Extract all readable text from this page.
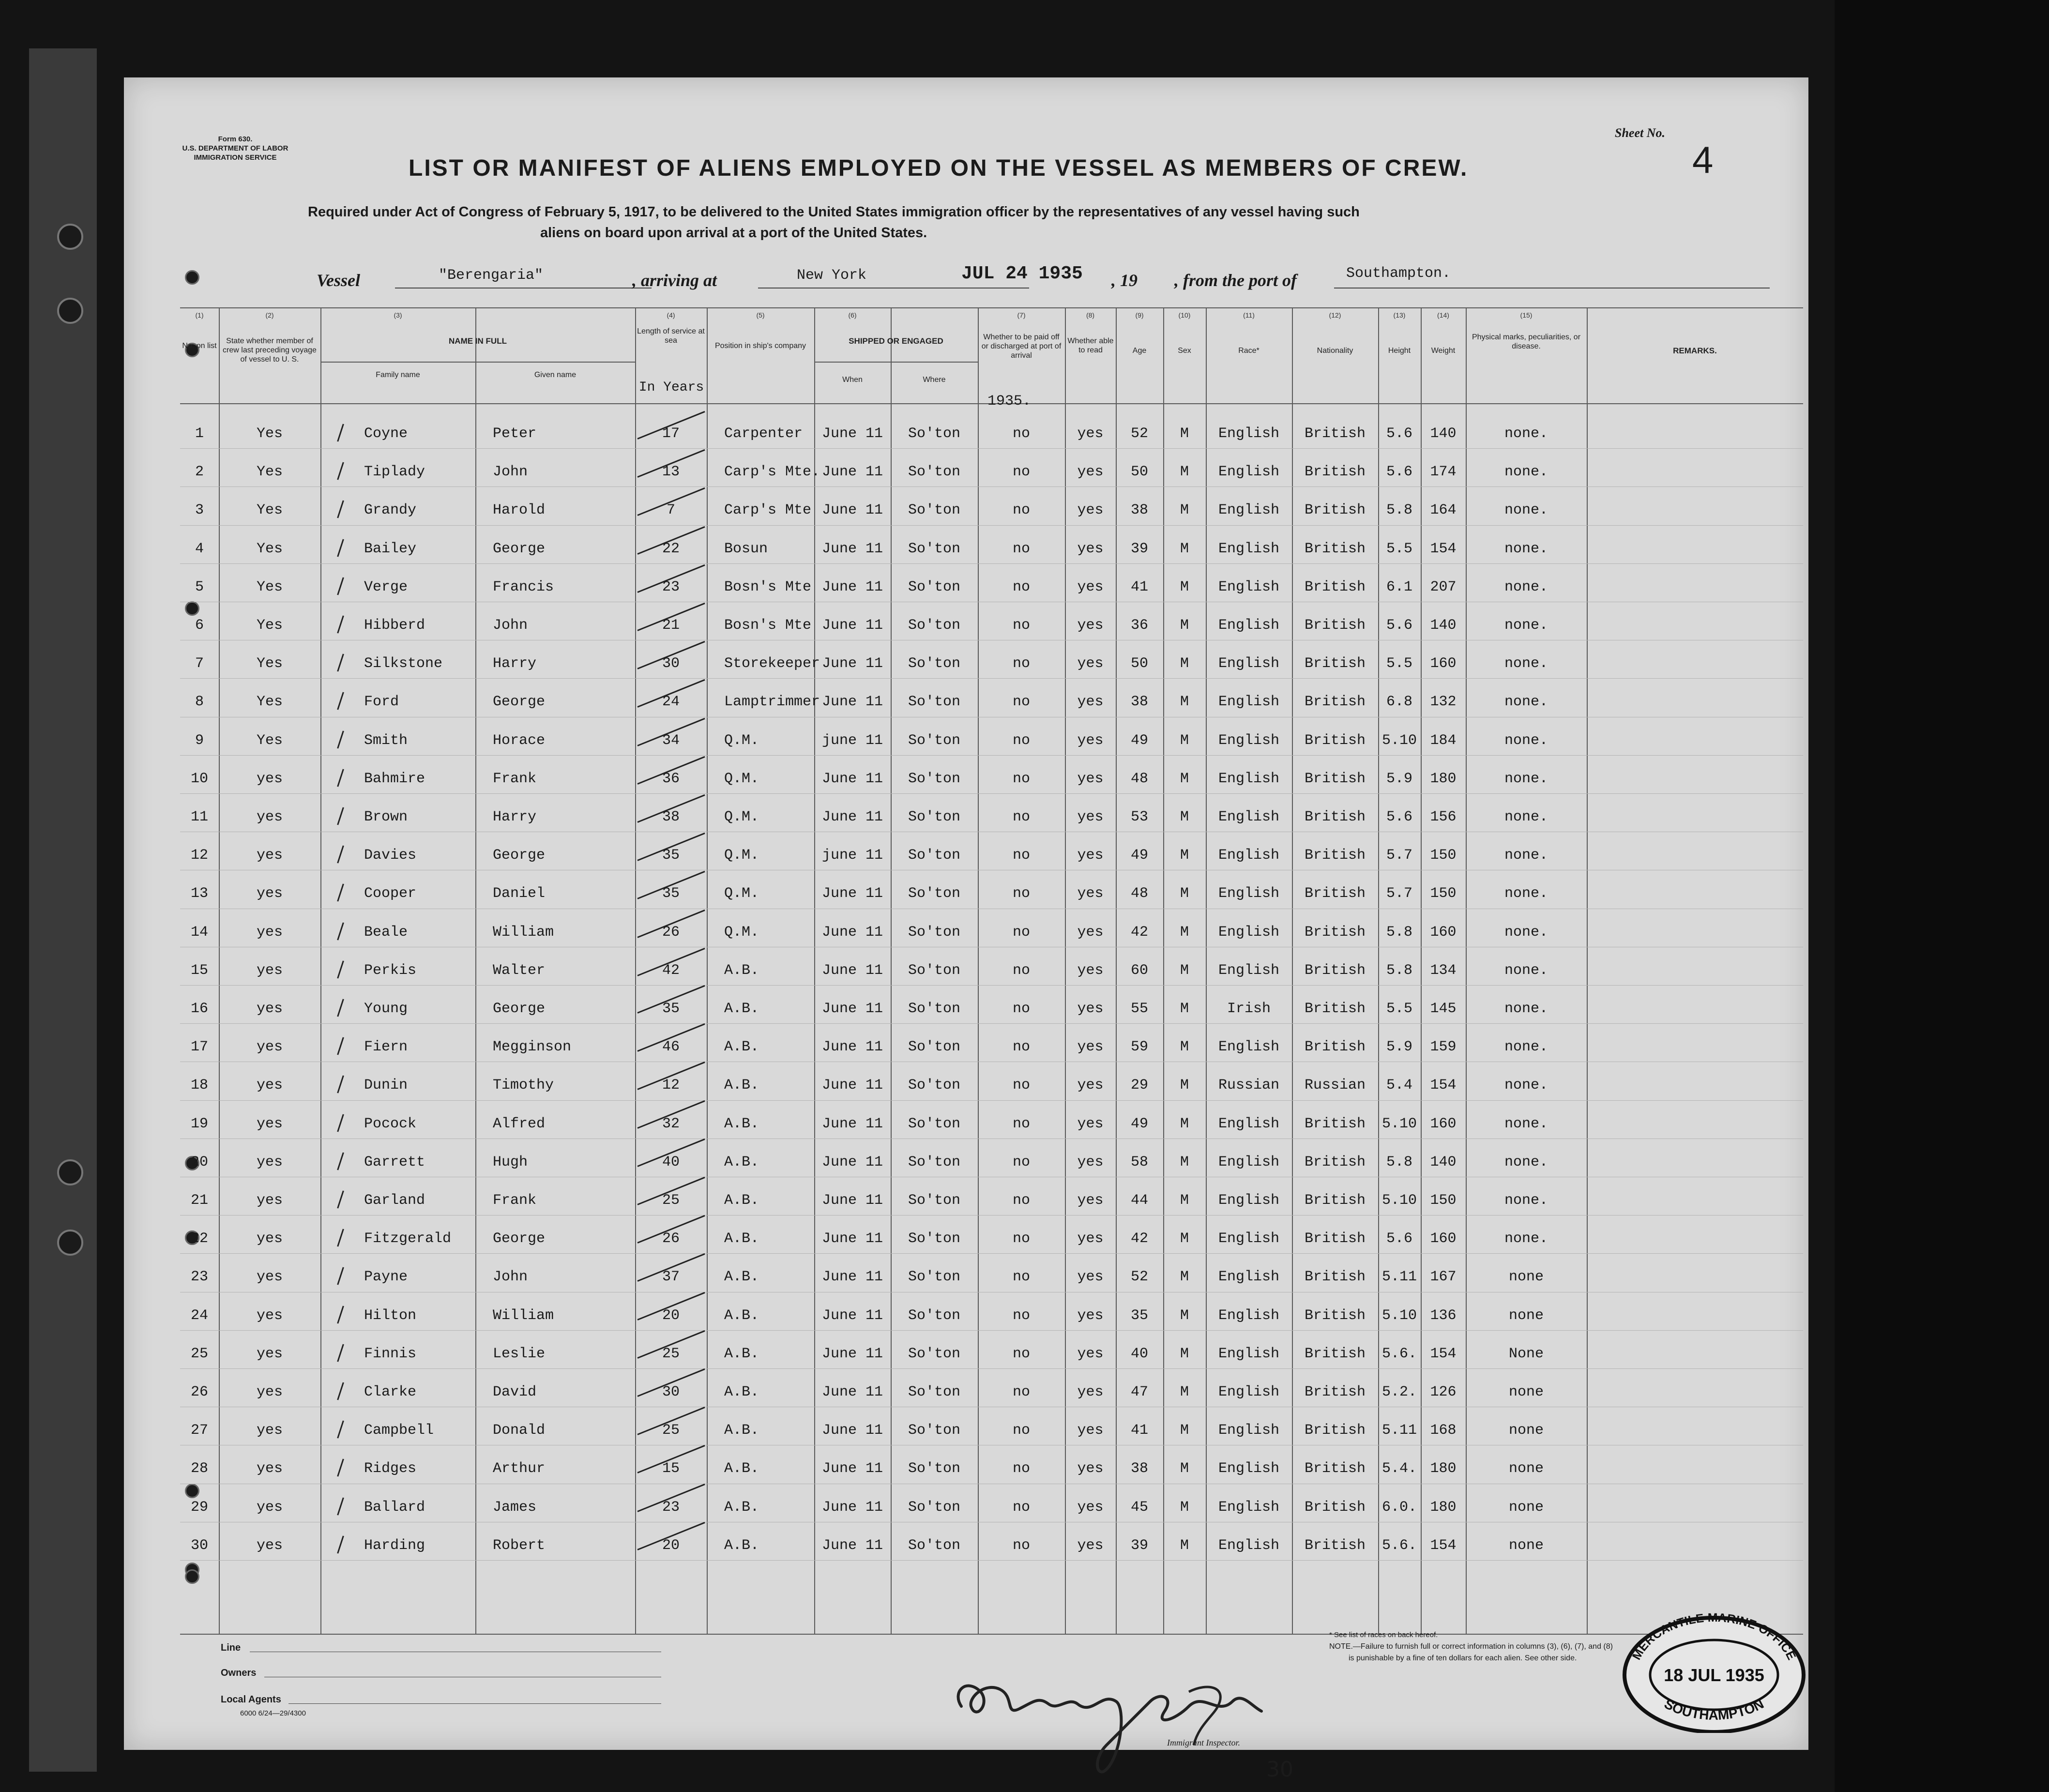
Form 630.
U.S. DEPARTMENT OF LABOR
IMMIGRATION SERVICE
Sheet No.
4
LIST OR MANIFEST OF ALIENS EMPLOYED ON THE VESSEL AS MEMBERS OF CREW.
Required under Act of Congress of February 5, 1917, to be delivered to the United States immigration officer by the representatives of any vessel having such
aliens on board upon arrival at a port of the United States.
Vessel	"Berengaria"	, arriving at	New York	JUL 24 1935 , 19 , from the port of	Southampton.
(1)	(2)	(3)	(4)	(5)	(6)	(7)	(8)	(9)	(10)	(11)	(12)	(13)	(14)	(15)
No. on list
State whether member of crew last preceding voyage of vessel to U. S.
NAME IN FULL
Family name	Given name
Length of service at sea
In Years
Position in ship's company
SHIPPED OR ENGAGED
When	Where
Whether to be paid off or discharged at port of arrival
Whether able to read	Age	Sex	Race*	Nationality	Height	Weight
Physical marks, peculiarities, or disease.	REMARKS.
1935.
1	Yes	Coyne	Peter	17	Carpenter	June 11	So'ton	no	yes	52	M	English	British	5.6	140	none.
2	Yes	Tiplady	John	13	Carp's Mte. June 11	So'ton	no	yes	50	M	English	British	5.6	174	none.
3	Yes	Grandy	Harold	7	Carp's Mte June 11	So'ton	no	yes	38	M	English	British	5.8	164	none.
4	Yes	Bailey	George	22	Bosun	June 11	So'ton	no	yes	39	M	English	British	5.5	154	none.
5	Yes	Verge	Francis	23	Bosn's Mte June 11	So'ton	no	yes	41	M	English	British	6.1	207	none.
6	Yes	Hibberd	John	21	Bosn's Mte June 11	So'ton	no	yes	36	M	English	British	5.6	140	none.
7	Yes	Silkstone	Harry	30	Storekeeper June 11	So'ton	no	yes	50	M	English	British	5.5	160	none.
8	Yes	Ford	George	24	Lamptrimmer June 11	So'ton	no	yes	38	M	English	British	6.8	132	none.
9	Yes	Smith	Horace	34	Q.M.	june 11	So'ton	no	yes	49	M	English	British	5.10 184	none.
10	yes	Bahmire	Frank	36	Q.M.	June 11	So'ton	no	yes	48	M	English	British	5.9	180	none.
11	yes	Brown	Harry	38	Q.M.	June 11	So'ton	no	yes	53	M	English	British	5.6	156	none.
12	yes	Davies	George	35	Q.M.	june 11	So'ton	no	yes	49	M	English	British	5.7	150	none.
13	yes	Cooper	Daniel	35	Q.M.	June 11	So'ton	no	yes	48	M	English	British	5.7	150	none.
14	yes	Beale	William	26	Q.M.	June 11	So'ton	no	yes	42	M	English	British	5.8	160	none.
15	yes	Perkis	Walter	42	A.B.	June 11	So'ton	no	yes	60	M	English	British	5.8	134	none.
16	yes	Young	George	35	A.B.	June 11	So'ton	no	yes	55	M	Irish	British	5.5	145	none.
17	yes	Fiern	Megginson	46	A.B.	June 11	So'ton	no	yes	59	M	English	British	5.9	159	none.
18	yes	Dunin	Timothy	12	A.B.	June 11	So'ton	no	yes	29	M	Russian	Russian	5.4	154	none.
19	yes	Pocock	Alfred	32	A.B.	June 11	So'ton	no	yes	49	M	English	British	5.10 160	none.
20	yes	Garrett	Hugh	40	A.B.	June 11	So'ton	no	yes	58	M	English	British	5.8	140	none.
21	yes	Garland	Frank	25	A.B.	June 11	So'ton	no	yes	44	M	English	British	5.10 150	none.
22	yes	Fitzgerald	George	26	A.B.	June 11	So'ton	no	yes	42	M	English	British	5.6	160	none.
23	yes	Payne	John	37	A.B.	June 11	So'ton	no	yes	52	M	English	British	5.11 167	none
24	yes	Hilton	William	20	A.B.	June 11	So'ton	no	yes	35	M	English	British	5.10 136	none
25	yes	Finnis	Leslie	25	A.B.	June 11	So'ton	no	yes	40	M	English	British	5.6. 154	None
26	yes	Clarke	David	30	A.B.	June 11	So'ton	no	yes	47	M	English	British	5.2. 126	none
27	yes	Campbell	Donald	25	A.B.	June 11	So'ton	no	yes	41	M	English	British	5.11 168	none
28	yes	Ridges	Arthur	15	A.B.	June 11	So'ton	no	yes	38	M	English	British	5.4. 180	none
29	yes	Ballard	James	23	A.B.	June 11	So'ton	no	yes	45	M	English	British	6.0. 180	none
30	yes	Harding	Robert	20	A.B.	June 11	So'ton	no	yes	39	M	English	British	5.6. 154	none
Line
Owners
Local Agents
6000 6/24—29/4300
Immigrant Inspector.
30
* See list of races on back hereof.
NOTE.—Failure to furnish full or correct information in columns (3), (6), (7), and (8)
is punishable by a fine of ten dollars for each alien. See other side.	MERCANTILE MARINE OFFICE
SOUTHAMPTON
18 JUL 1935
